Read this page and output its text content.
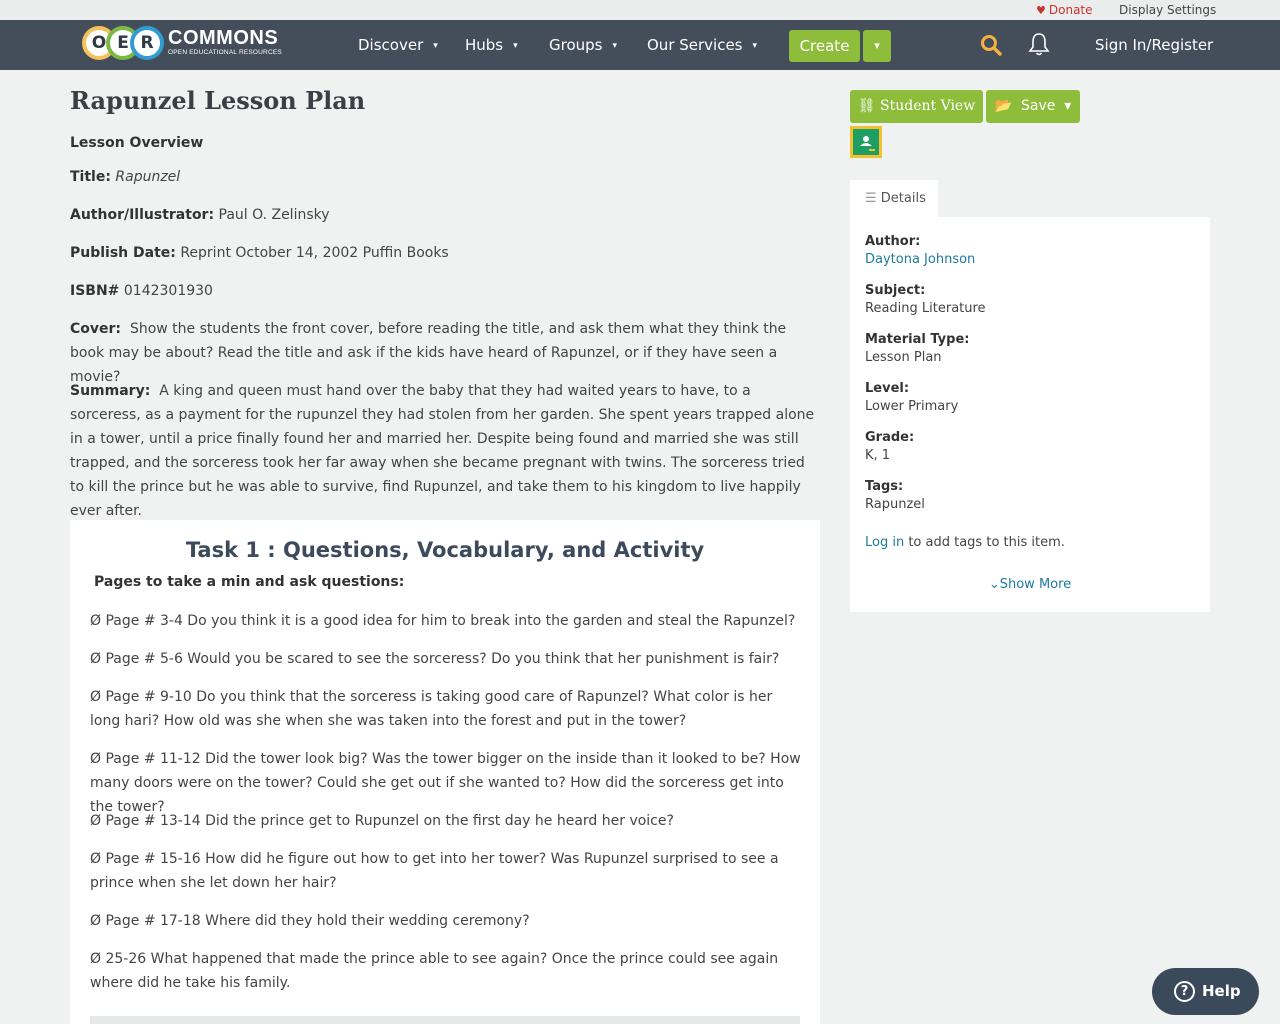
♥ Donate Display Settings
O E R COMMONS
OPEN EDUCATIONAL RESOURCES	Discover ▾ Hubs ▾ Groups ▾ Our Services ▾	Create	▾	Sign In/Register
Rapunzel Lesson Plan
Lesson Overview
Title: Rapunzel
Author/Illustrator: Paul O. Zelinsky
Publish Date: Reprint October 14, 2002 Puffin Books
ISBN# 0142301930
Cover: Show the students the front cover, before reading the title, and ask them what they think the book may be about? Read the title and ask if the kids have heard of Rapunzel, or if they have seen a movie?
Summary: A king and queen must hand over the baby that they had waited years to have, to a sorceress, as a payment for the rupunzel they had stolen from her garden. She spent years trapped alone in a tower, until a price finally found her and married her. Despite being found and married she was still trapped, and the sorceress took her far away when she became pregnant with twins. The sorceress tried to kill the prince but he was able to survive, find Rupunzel, and take them to his kingdom to live happily ever after.
Task 1 : Questions, Vocabulary, and Activity
Pages to take a min and ask questions:
Ø Page # 3-4 Do you think it is a good idea for him to break into the garden and steal the Rapunzel?
Ø Page # 5-6 Would you be scared to see the sorceress? Do you think that her punishment is fair?
Ø Page # 9-10 Do you think that the sorceress is taking good care of Rapunzel? What color is her long hari? How old was she when she was taken into the forest and put in the tower?
Ø Page # 11-12 Did the tower look big? Was the tower bigger on the inside than it looked to be? How many doors were on the tower? Could she get out if she wanted to? How did the sorceress get into the tower?
Ø Page # 13-14 Did the prince get to Rupunzel on the first day he heard her voice?
Ø Page # 15-16 How did he figure out how to get into her tower? Was Rupunzel surprised to see a prince when she let down her hair?
Ø Page # 17-18 Where did they hold their wedding ceremony?
Ø 25-26 What happened that made the prince able to see again? Once the prince could see again where did he take his family.
⛓ Student View	📂 Save ▾
☰ Details
Author:
Daytona Johnson
Subject:
Reading Literature
Material Type:
Lesson Plan
Level:
Lower Primary
Grade:
K, 1
Tags:
Rapunzel
Log in to add tags to this item.
⌄Show More
? Help
